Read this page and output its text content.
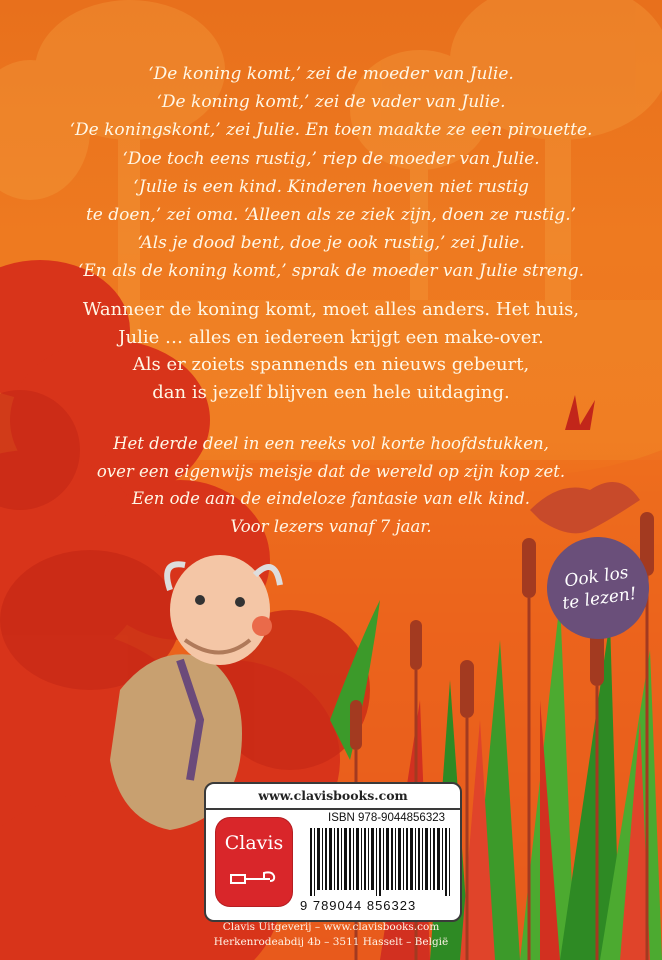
‘De koning komt,’ zei de moeder van Julie.
‘De koning komt,’ zei de vader van Julie.
‘De koningskont,’ zei Julie. En toen maakte ze een pirouette.
‘Doe toch eens rustig,’ riep de moeder van Julie.
‘Julie is een kind. Kinderen hoeven niet rustig
te doen,’ zei oma. ‘Alleen als ze ziek zijn, doen ze rustig.’
‘Als je dood bent, doe je ook rustig,’ zei Julie.
‘En als de koning komt,’ sprak de moeder van Julie streng.
Wanneer de koning komt, moet alles anders. Het huis,
Julie … alles en iedereen krijgt een make-over.
Als er zoiets spannends en nieuws gebeurt,
dan is jezelf blijven een hele uitdaging.
Het derde deel in een reeks vol korte hoofdstukken,
over een eigenwijs meisje dat de wereld op zijn kop zet.
Een ode aan de eindeloze fantasie van elk kind.
Voor lezers vanaf 7 jaar.
Ook los
te lezen!
www.clavisbooks.com
Clavis
ISBN 978-9044856323
9 789044 856323
Clavis Uitgeverij – www.clavisbooks.com
Herkenrodeabdij 4b – 3511 Hasselt – België
